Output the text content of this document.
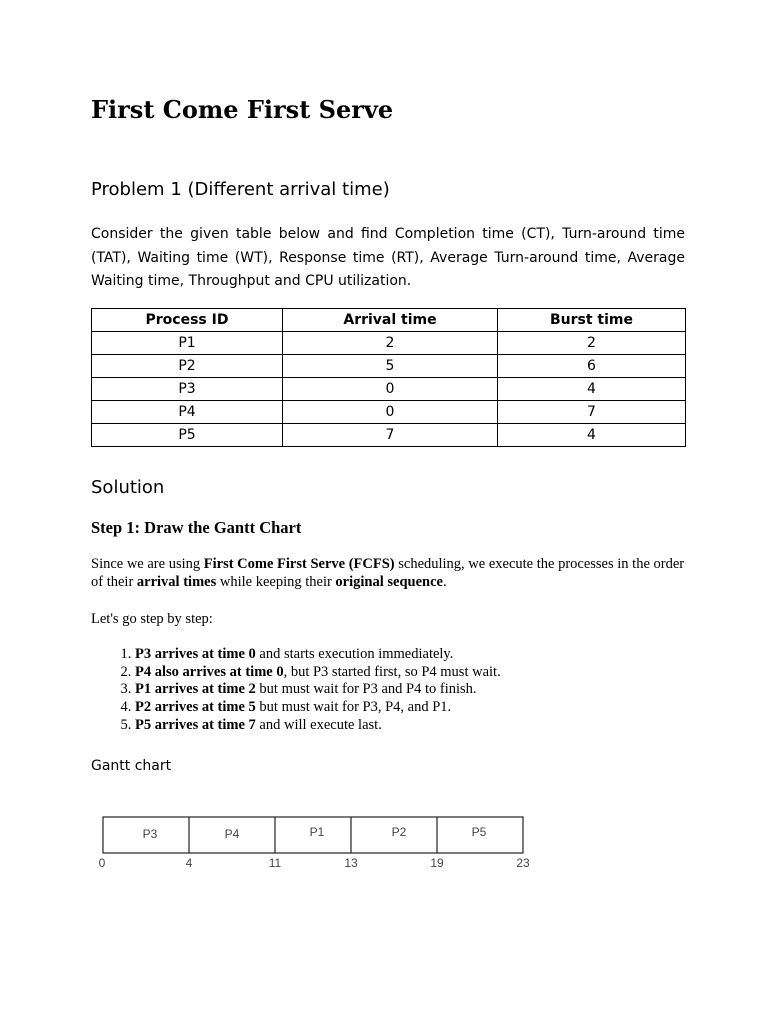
First Come First Serve
Problem 1 (Different arrival time)
Consider the given table below and find Completion time (CT), Turn-around time (TAT), Waiting time (WT), Response time (RT), Average Turn-around time, Average Waiting time, Throughput and CPU utilization.
Process ID	Arrival time	Burst time
P1	2	2
P2	5	6
P3	0	4
P4	0	7
P5	7	4
Solution
Step 1: Draw the Gantt Chart
Since we are using First Come First Serve (FCFS) scheduling, we execute the processes in the order of their arrival times while keeping their original sequence.
Let's go step by step:
1. P3 arrives at time 0 and starts execution immediately.
2. P4 also arrives at time 0, but P3 started first, so P4 must wait.
3. P1 arrives at time 2 but must wait for P3 and P4 to finish.
4. P2 arrives at time 5 but must wait for P3, P4, and P1.
5. P5 arrives at time 7 and will execute last.
Gantt chart
P3	P4	P1	P2	P5
0	4	11	13	19	23
